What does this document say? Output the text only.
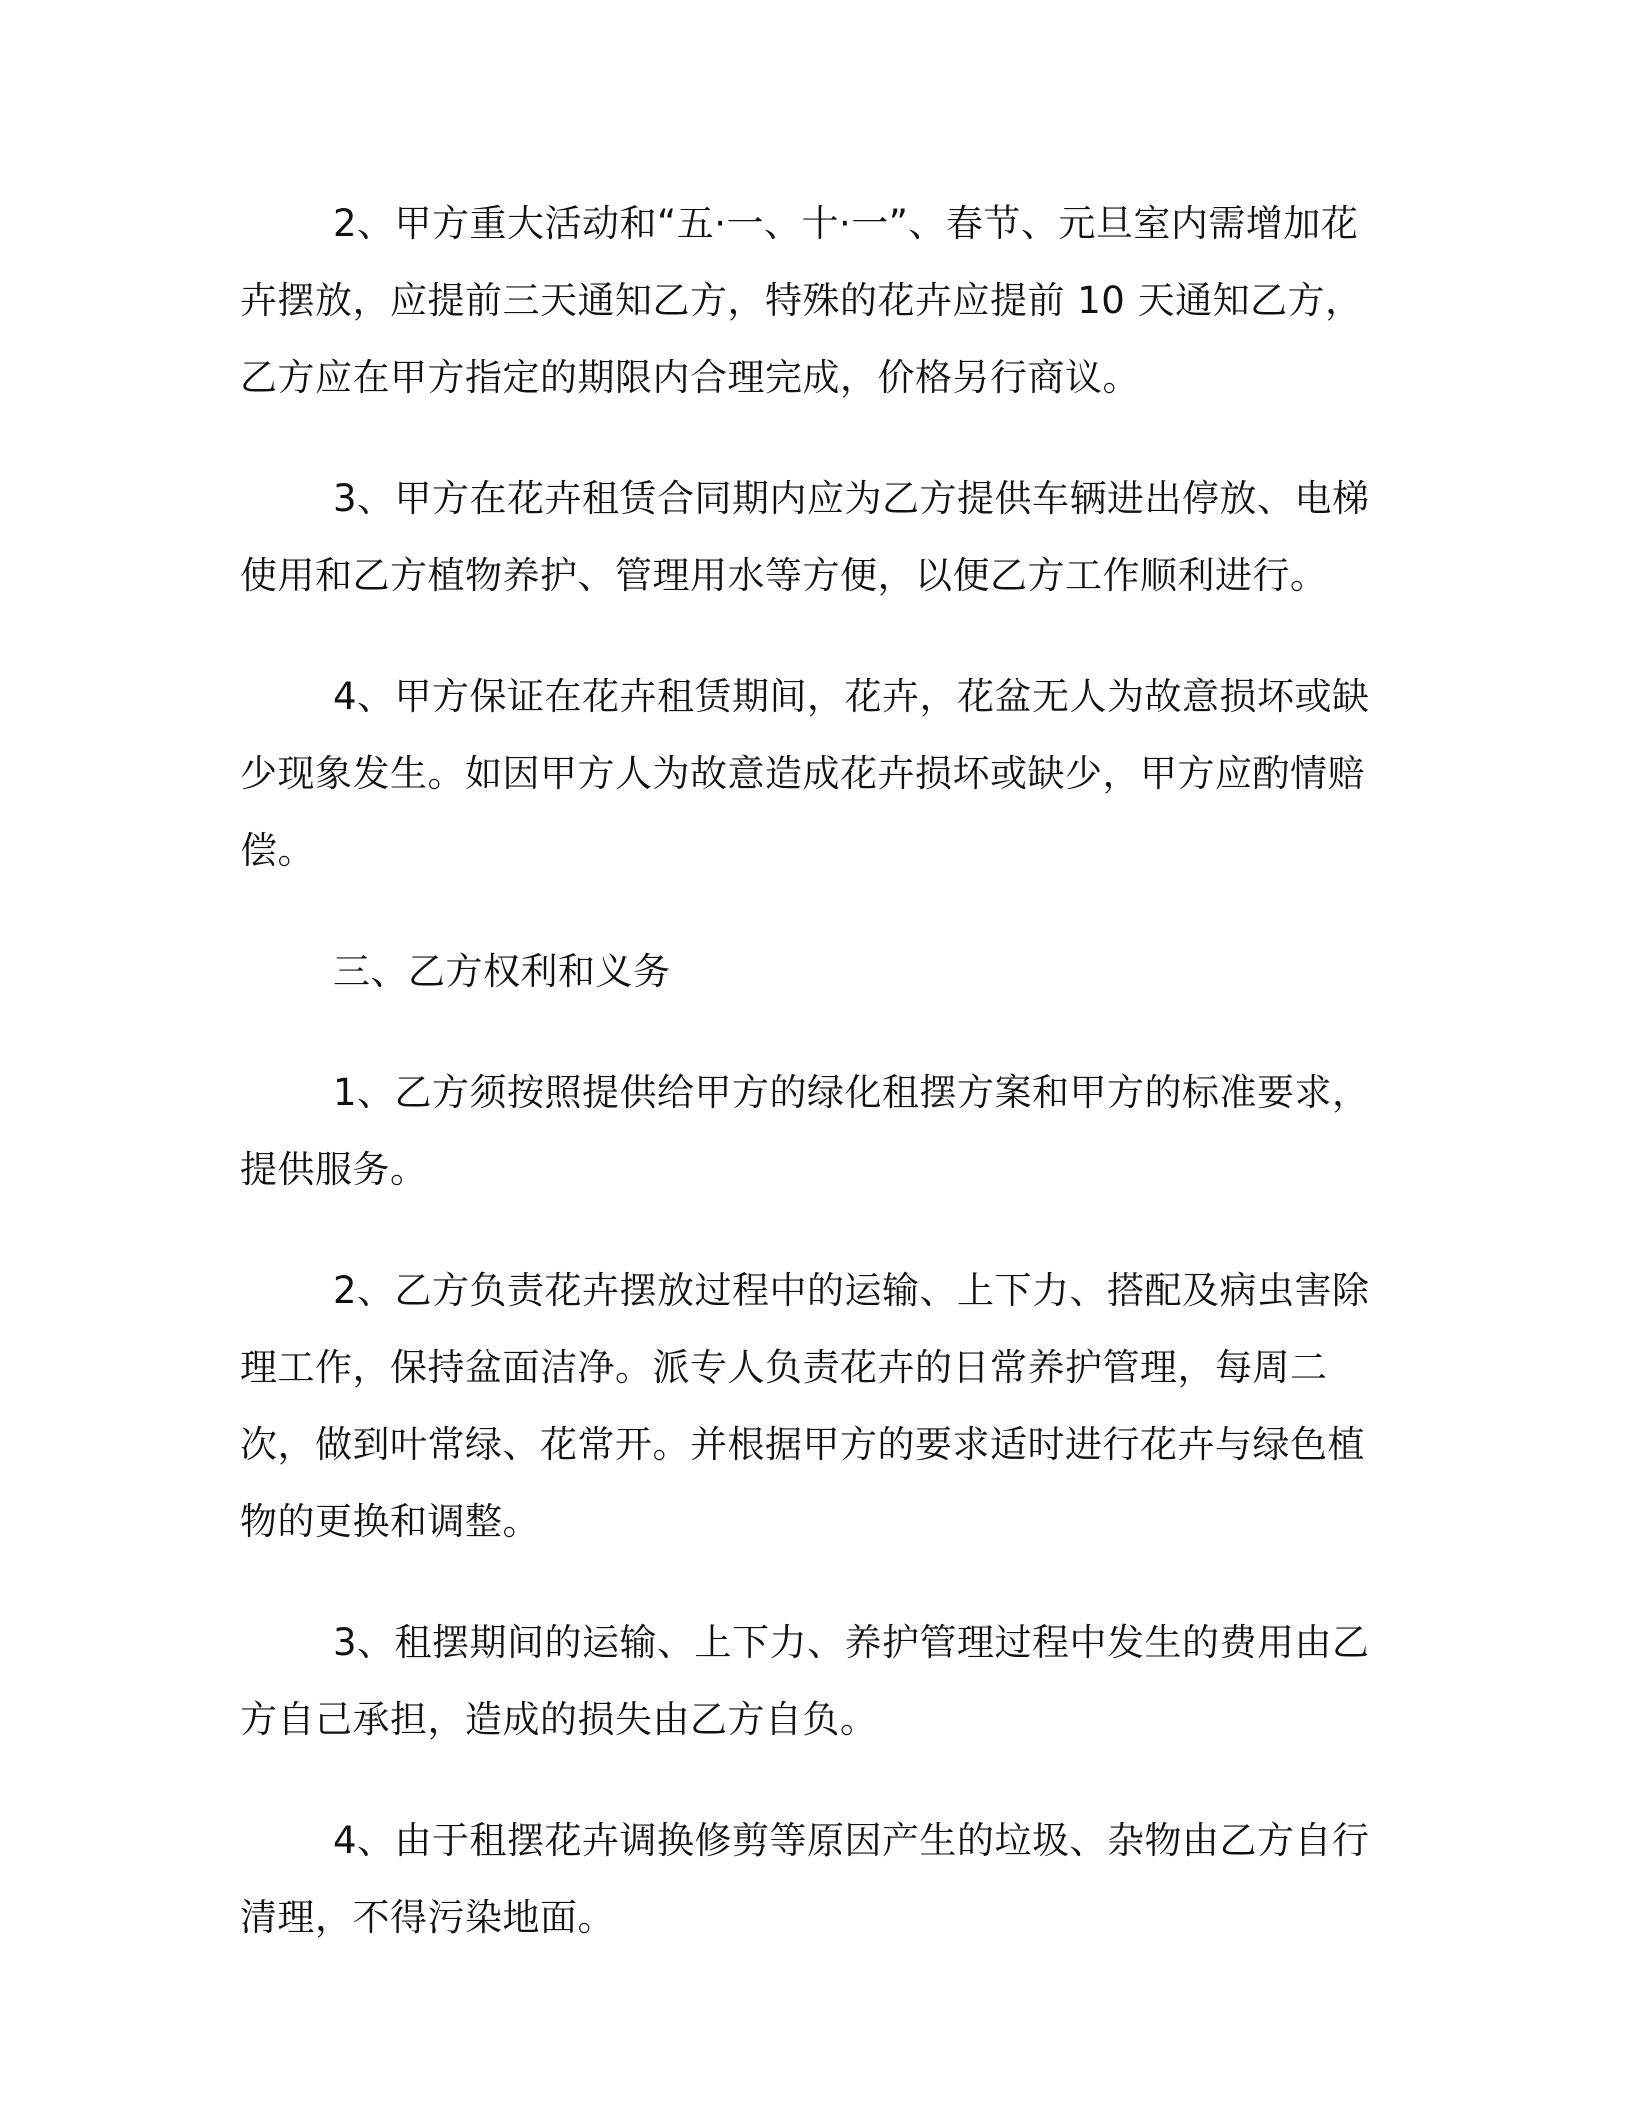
2、甲方重大活动和“五·一、十·一”、春节、元旦室内需增加花卉摆放，应提前三天通知乙方，特殊的花卉应提前 10 天通知乙方，乙方应在甲方指定的期限内合理完成，价格另行商议。

3、甲方在花卉租赁合同期内应为乙方提供车辆进出停放、电梯使用和乙方植物养护、管理用水等方便，以便乙方工作顺利进行。

4、甲方保证在花卉租赁期间，花卉，花盆无人为故意损坏或缺少现象发生。如因甲方人为故意造成花卉损坏或缺少，甲方应酌情赔偿。

三、乙方权利和义务

1、乙方须按照提供给甲方的绿化租摆方案和甲方的标准要求，提供服务。

2、乙方负责花卉摆放过程中的运输、上下力、搭配及病虫害除理工作，保持盆面洁净。派专人负责花卉的日常养护管理，每周二次，做到叶常绿、花常开。并根据甲方的要求适时进行花卉与绿色植物的更换和调整。

3、租摆期间的运输、上下力、养护管理过程中发生的费用由乙方自己承担，造成的损失由乙方自负。

4、由于租摆花卉调换修剪等原因产生的垃圾、杂物由乙方自行清理，不得污染地面。
